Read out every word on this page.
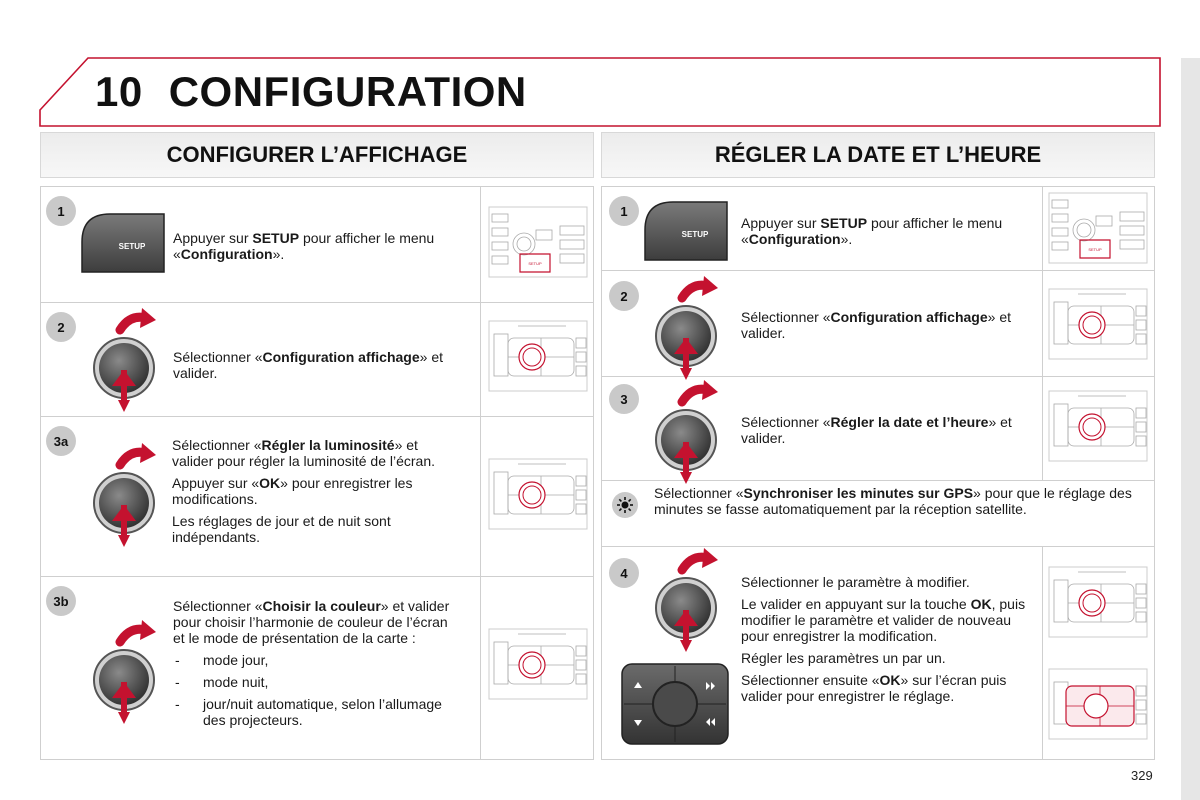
10 CONFIGURATION
CONFIGURER L’AFFICHAGE	RÉGLER LA DATE ET L’HEURE
1
SETUP
Appuyer sur SETUP pour afficher le menu «Configuration».
2
Sélectionner «Configuration affichage» et valider.
3a	Sélectionner «Régler la luminosité» et valider pour régler la luminosité de l’écran.

Appuyer sur «OK» pour enregistrer les modifications.

Les réglages de jour et de nuit sont indépendants.

3b	Sélectionner «Choisir la couleur» et valider pour choisir l’harmonie de couleur de l’écran et le mode de présentation de la carte :

- mode jour,
- mode nuit,
- jour/nuit automatique, selon l’allumage des projecteurs.
1
SETUP
Appuyer sur SETUP pour afficher le menu «Configuration».
2
Sélectionner «Configuration affichage» et valider.
3
Sélectionner «Régler la date et l’heure» et valider.
Sélectionner «Synchroniser les minutes sur GPS» pour que le réglage des minutes se fasse automatiquement par la réception satellite.
4

Sélectionner le paramètre à modifier.

Le valider en appuyant sur la touche OK, puis modifier le paramètre et valider de nouveau pour enregistrer la modification.

Régler les paramètres un par un.

Sélectionner ensuite «OK» sur l’écran puis valider pour enregistrer le réglage.

329
